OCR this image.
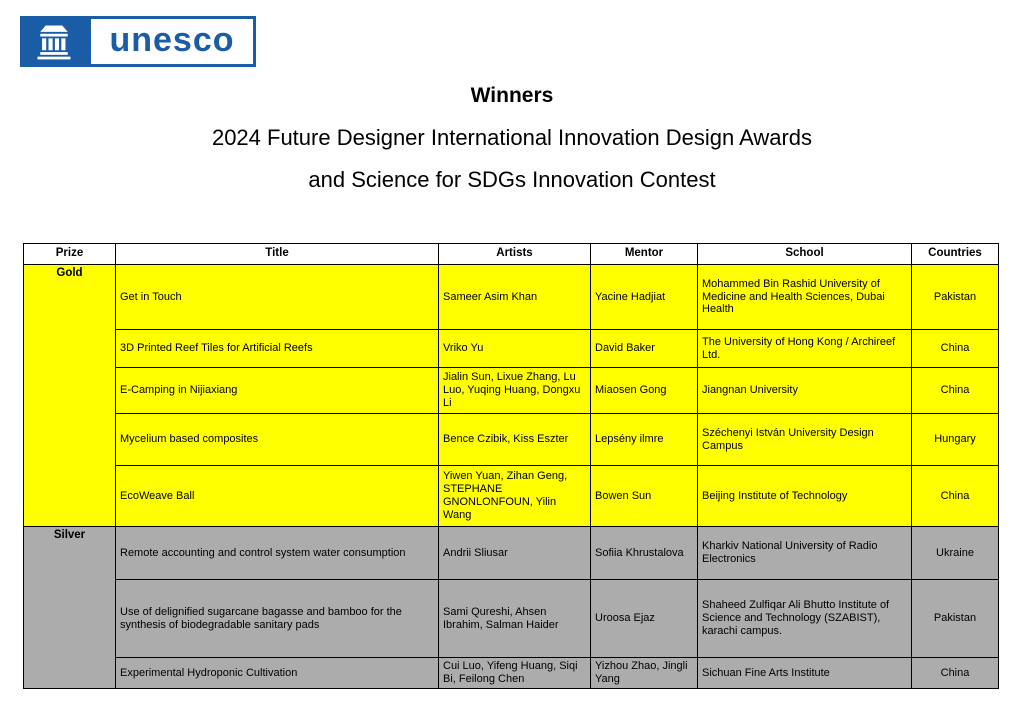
unesco
Winners
2024 Future Designer International Innovation Design Awards
and Science for SDGs Innovation Contest
Prize	Title	Artists	Mentor	School	Countries
Gold	Get in Touch	Sameer Asim Khan	Yacine Hadjiat	Mohammed Bin Rashid University of Medicine and Health Sciences, Dubai Health	Pakistan
	3D Printed Reef Tiles for Artificial Reefs	Vriko Yu	David Baker	The University of Hong Kong / Archireef Ltd.	China
	E-Camping in Nijiaxiang	Jialin Sun, Lixue Zhang, Lu Luo, Yuqing Huang, Dongxu Li	Miaosen Gong	Jiangnan University	China
	Mycelium based composites	Bence Czibik, Kiss Eszter	Lepsény ilmre	Széchenyi István University Design Campus	Hungary
	EcoWeave Ball	Yiwen Yuan, Zihan Geng, STEPHANE GNONLONFOUN, Yilin Wang	Bowen Sun	Beijing Institute of Technology	China
Silver	Remote accounting and control system water consumption	Andrii Sliusar	Sofiia Khrustalova	Kharkiv National University of Radio Electronics	Ukraine
	Use of delignified sugarcane bagasse and bamboo for the synthesis of biodegradable sanitary pads	Sami Qureshi, Ahsen Ibrahim, Salman Haider	Uroosa Ejaz	Shaheed Zulfiqar Ali Bhutto Institute of Science and Technology (SZABIST), karachi campus.	Pakistan
	Experimental Hydroponic Cultivation	Cui Luo, Yifeng Huang, Siqi Bi, Feilong Chen	Yizhou Zhao, Jingli Yang	Sichuan Fine Arts Institute	China
